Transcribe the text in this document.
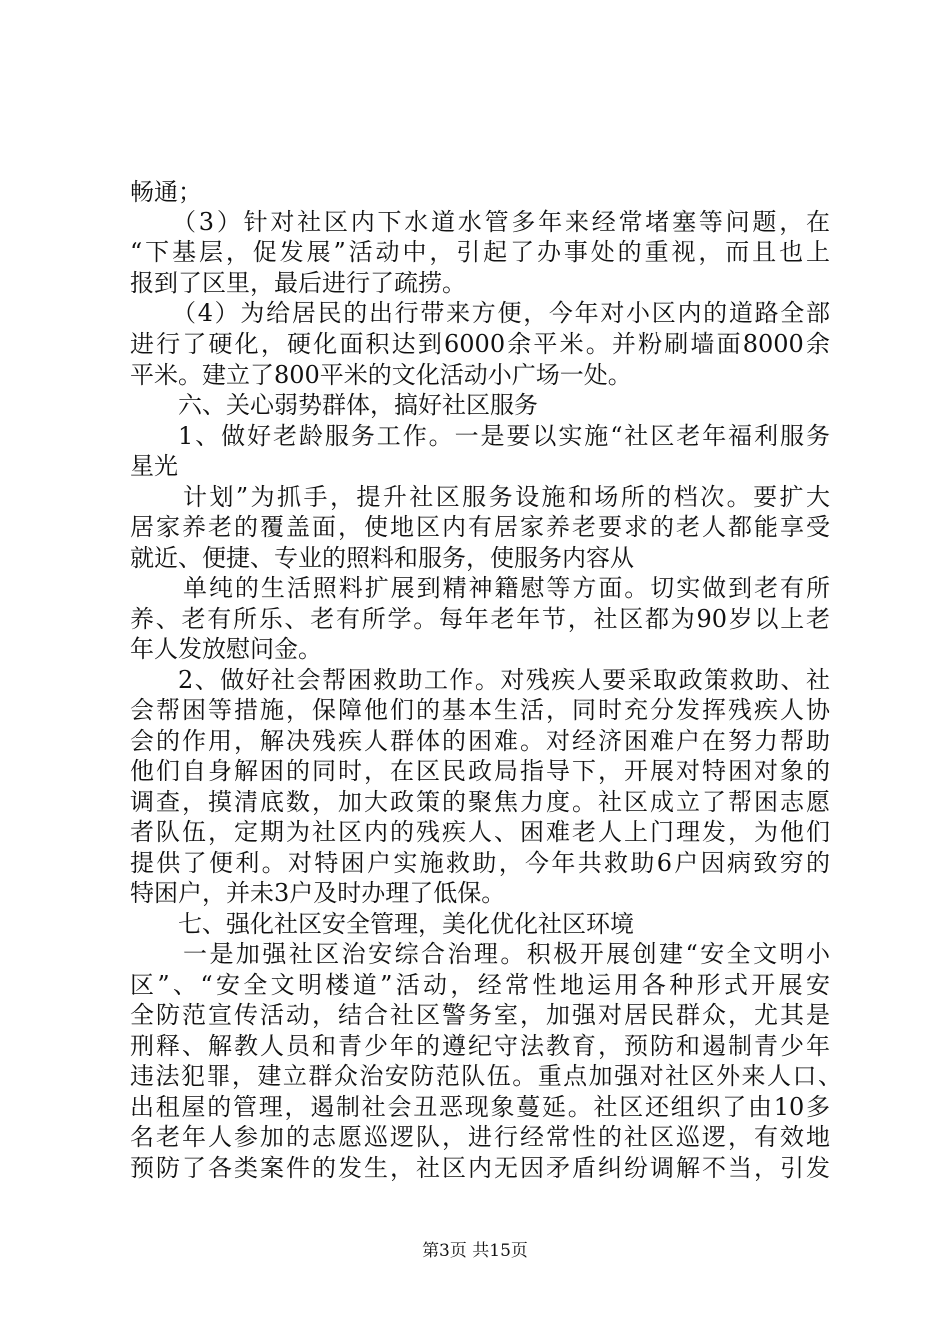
畅通；
（3）针对社区内下水道水管多年来经常堵塞等问题，在
“下基层，促发展”活动中，引起了办事处的重视，而且也上
报到了区里，最后进行了疏捞。
（4）为给居民的出行带来方便，今年对小区内的道路全部
进行了硬化，硬化面积达到6000余平米。并粉刷墙面8000余
平米。建立了800平米的文化活动小广场一处。
六、关心弱势群体，搞好社区服务
1、做好老龄服务工作。一是要以实施“社区老年福利服务
星光
计划”为抓手，提升社区服务设施和场所的档次。要扩大
居家养老的覆盖面，使地区内有居家养老要求的老人都能享受
就近、便捷、专业的照料和服务，使服务内容从
单纯的生活照料扩展到精神籍慰等方面。切实做到老有所
养、老有所乐、老有所学。每年老年节，社区都为90岁以上老
年人发放慰问金。
2、做好社会帮困救助工作。对残疾人要采取政策救助、社
会帮困等措施，保障他们的基本生活，同时充分发挥残疾人协
会的作用，解决残疾人群体的困难。对经济困难户在努力帮助
他们自身解困的同时，在区民政局指导下，开展对特困对象的
调查，摸清底数，加大政策的聚焦力度。社区成立了帮困志愿
者队伍，定期为社区内的残疾人、困难老人上门理发，为他们
提供了便利。对特困户实施救助，今年共救助6户因病致穷的
特困户，并未3户及时办理了低保。
七、强化社区安全管理，美化优化社区环境
一是加强社区治安综合治理。积极开展创建“安全文明小
区”、“安全文明楼道”活动，经常性地运用各种形式开展安
全防范宣传活动，结合社区警务室，加强对居民群众，尤其是
刑释、解教人员和青少年的遵纪守法教育，预防和遏制青少年
违法犯罪，建立群众治安防范队伍。重点加强对社区外来人口、
出租屋的管理，遏制社会丑恶现象蔓延。社区还组织了由10多
名老年人参加的志愿巡逻队，进行经常性的社区巡逻，有效地
预防了各类案件的发生，社区内无因矛盾纠纷调解不当，引发
第3页 共15页
